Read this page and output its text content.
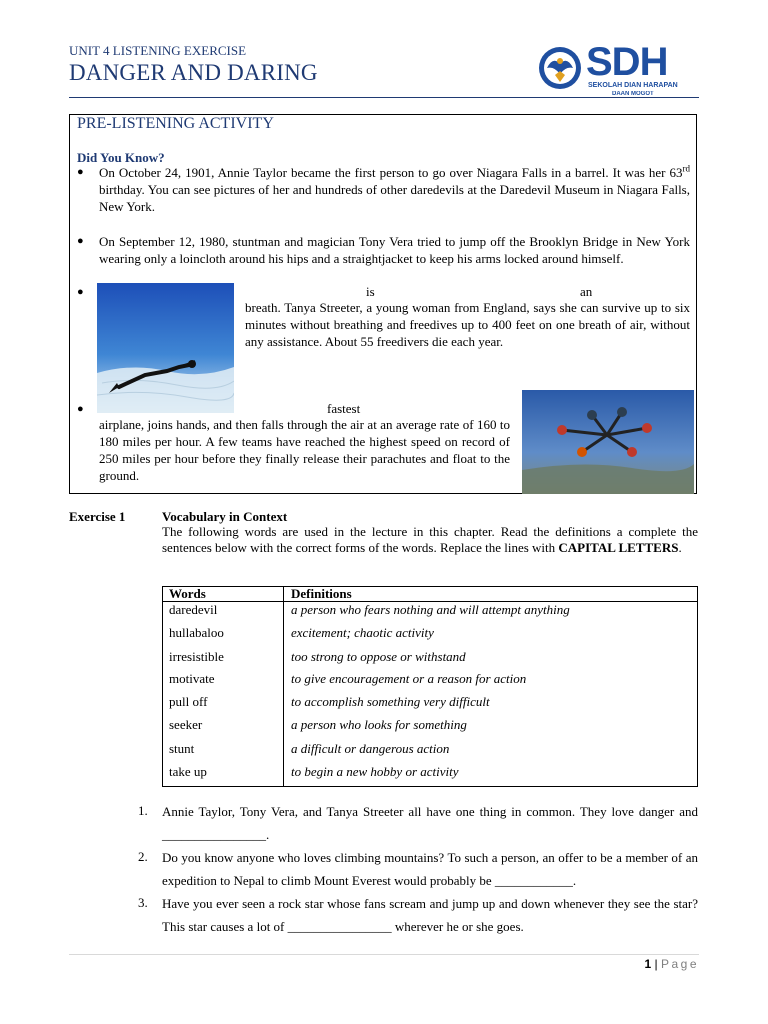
UNIT 4 LISTENING EXERCISE
DANGER AND DARING	SDH
SEKOLAH DIAN HARAPAN
DAAN MOGOT
PRE-LISTENING ACTIVITY
Did You Know?
● On October 24, 1901, Annie Taylor became the first person to go over Niagara Falls in a barrel. It was her 63rd birthday. You can see pictures of her and hundreds of other daredevils at the Daredevil Museum in Niagara Falls, New York.
● On September 12, 1980, stuntman and magician Tony Vera tried to jump off the Brooklyn Bridge in New York wearing only a loincloth around his hips and a straightjacket to keep his arms locked around himself.
●	is	an
breath. Tanya Streeter, a young woman from England, says she can survive up to six minutes without breathing and freedives up to 400 feet on one breath of air, without any assistance. About 55 freedivers die each year.
●	fastest
airplane, joins hands, and then falls through the air at an average rate of 160 to 180 miles per hour. A few teams have reached the highest speed on record of 250 miles per hour before they finally release their parachutes and float to the ground.
Exercise 1	Vocabulary in Context
The following words are used in the lecture in this chapter. Read the definitions a complete the sentences below with the correct forms of the words. Replace the lines with CAPITAL LETTERS.
Words	Definitions
daredevil	a person who fears nothing and will attempt anything
hullabaloo	excitement; chaotic activity
irresistible	too strong to oppose or withstand
motivate	to give encouragement or a reason for action
pull off	to accomplish something very difficult
seeker	a person who looks for something
stunt	a difficult or dangerous action
take up	to begin a new hobby or activity
1. Annie Taylor, Tony Vera, and Tanya Streeter all have one thing in common. They love danger and ________________.
2. Do you know anyone who loves climbing mountains? To such a person, an offer to be a member of an expedition to Nepal to climb Mount Everest would probably be ____________.
3. Have you ever seen a rock star whose fans scream and jump up and down whenever they see the star? This star causes a lot of ________________ wherever he or she goes.
1 | Page
